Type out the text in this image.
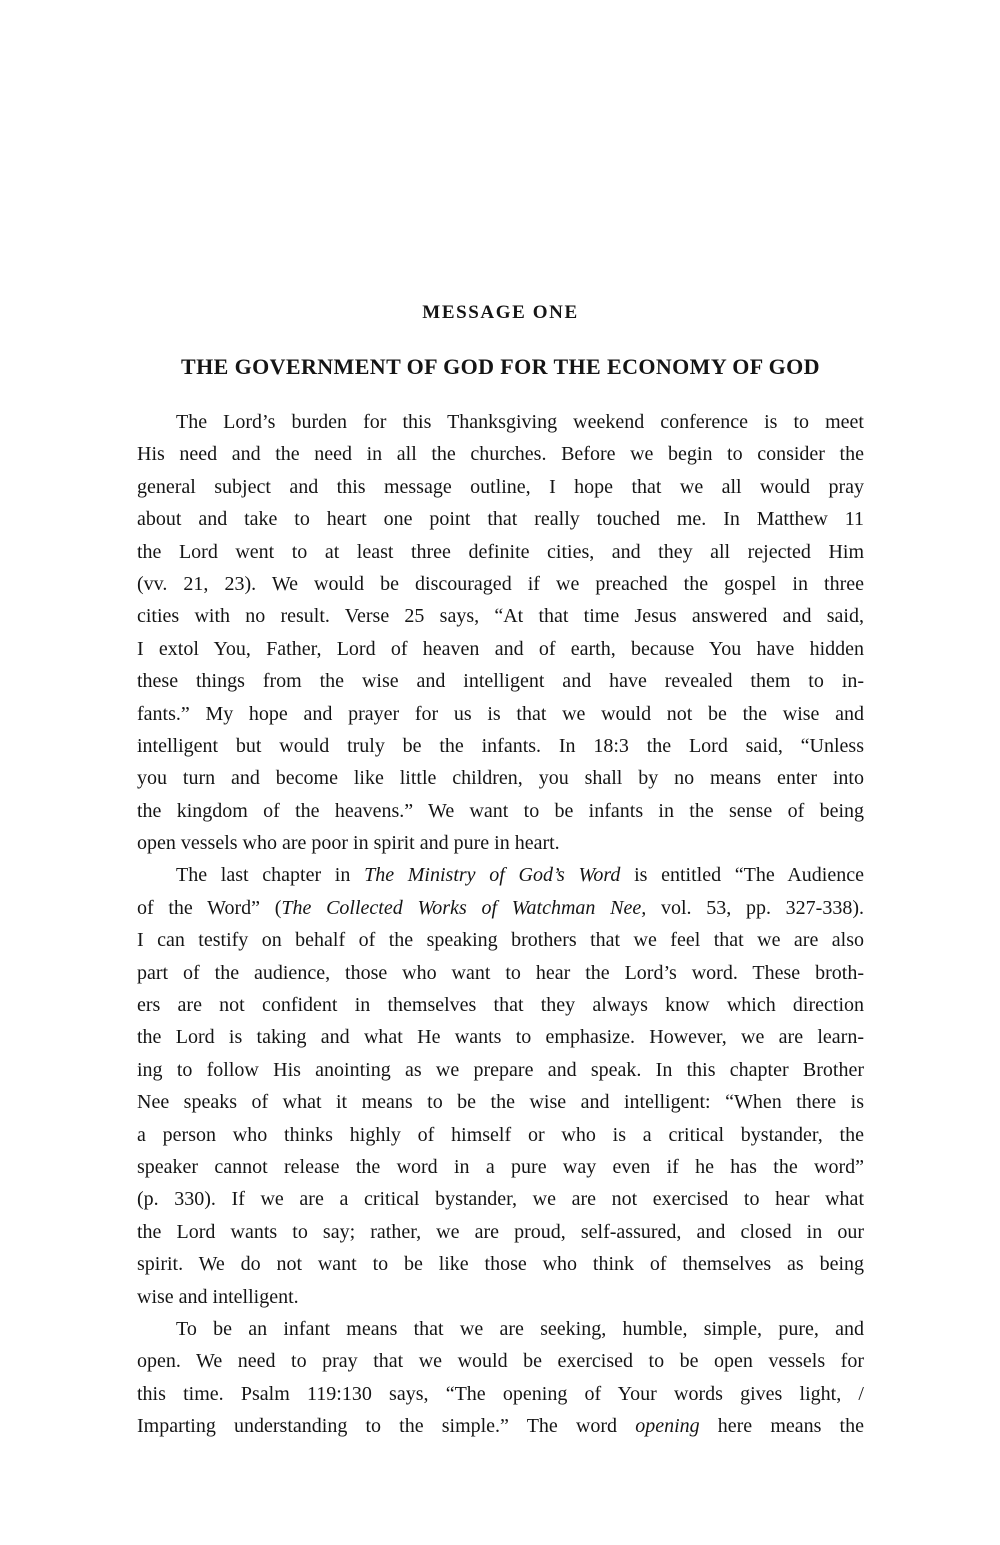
MESSAGE ONE
THE GOVERNMENT OF GOD FOR THE ECONOMY OF GOD
The Lord’s burden for this Thanksgiving weekend conference is to meet
His need and the need in all the churches. Before we begin to consider the
general subject and this message outline, I hope that we all would pray
about and take to heart one point that really touched me. In Matthew 11
the Lord went to at least three definite cities, and they all rejected Him
(vv. 21, 23). We would be discouraged if we preached the gospel in three
cities with no result. Verse 25 says, “At that time Jesus answered and said,
I extol You, Father, Lord of heaven and of earth, because You have hidden
these things from the wise and intelligent and have revealed them to in-
fants.” My hope and prayer for us is that we would not be the wise and
intelligent but would truly be the infants. In 18:3 the Lord said, “Unless
you turn and become like little children, you shall by no means enter into
the kingdom of the heavens.” We want to be infants in the sense of being
open vessels who are poor in spirit and pure in heart.
The last chapter in The Ministry of God’s Word is entitled “The Audience
of the Word” (The Collected Works of Watchman Nee, vol. 53, pp. 327-338).
I can testify on behalf of the speaking brothers that we feel that we are also
part of the audience, those who want to hear the Lord’s word. These broth-
ers are not confident in themselves that they always know which direction
the Lord is taking and what He wants to emphasize. However, we are learn-
ing to follow His anointing as we prepare and speak. In this chapter Brother
Nee speaks of what it means to be the wise and intelligent: “When there is
a person who thinks highly of himself or who is a critical bystander, the
speaker cannot release the word in a pure way even if he has the word”
(p. 330). If we are a critical bystander, we are not exercised to hear what
the Lord wants to say; rather, we are proud, self-assured, and closed in our
spirit. We do not want to be like those who think of themselves as being
wise and intelligent.
To be an infant means that we are seeking, humble, simple, pure, and
open. We need to pray that we would be exercised to be open vessels for
this time. Psalm 119:130 says, “The opening of Your words gives light, /
Imparting understanding to the simple.” The word opening here means the
